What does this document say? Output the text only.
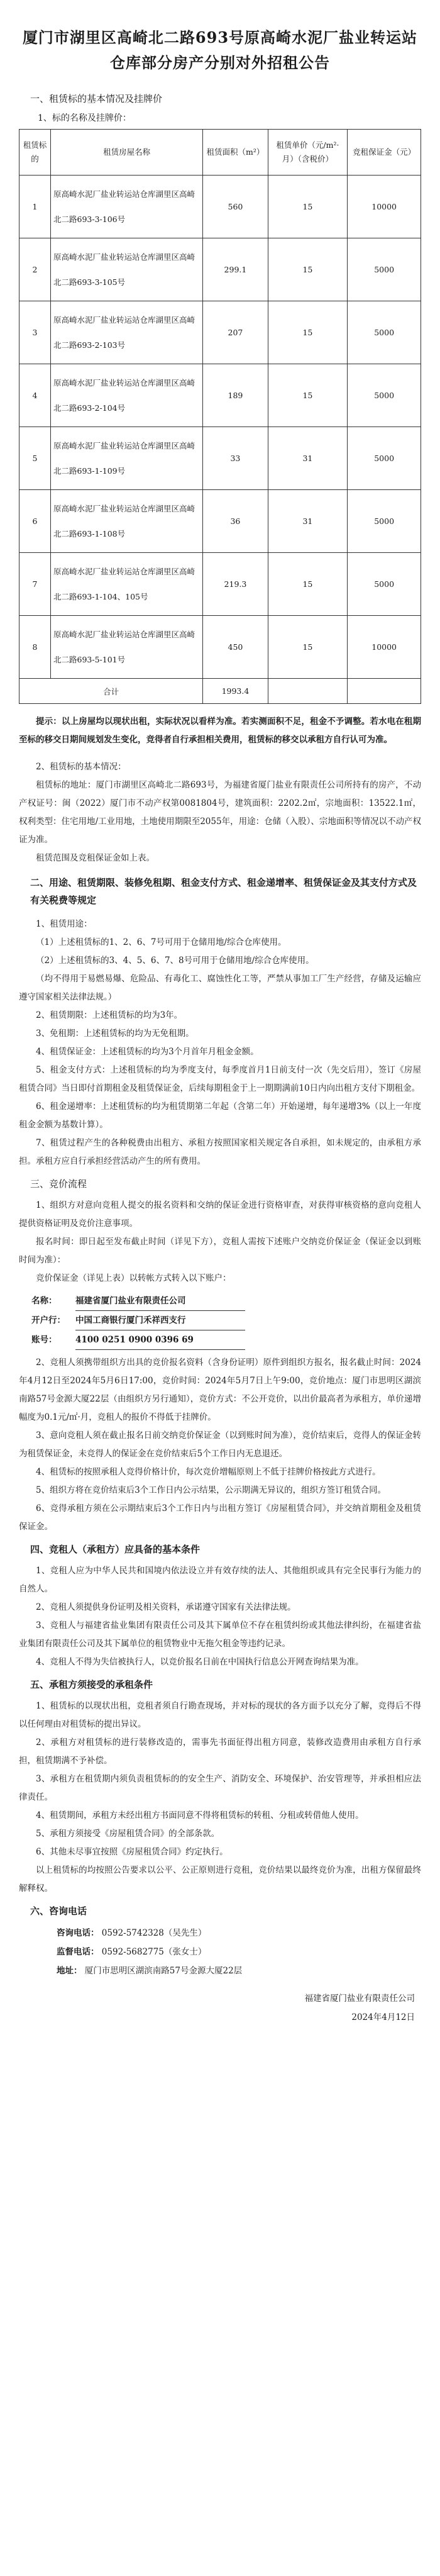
厦门市湖里区高崎北二路693号原高崎水泥厂盐业转运站仓库部分房产分别对外招租公告
一、租赁标的基本情况及挂牌价
1、标的名称及挂牌价：
租赁标的	租赁房屋名称	租赁面积（m²）	租赁单价（元/m²·月）（含税价）	竞租保证金（元）
1	原高崎水泥厂盐业转运站仓库湖里区高崎北二路693-3-106号	560	15	10000
2	原高崎水泥厂盐业转运站仓库湖里区高崎北二路693-3-105号	299.1	15	5000
3	原高崎水泥厂盐业转运站仓库湖里区高崎北二路693-2-103号	207	15	5000
4	原高崎水泥厂盐业转运站仓库湖里区高崎北二路693-2-104号	189	15	5000
5	原高崎水泥厂盐业转运站仓库湖里区高崎北二路693-1-109号	33	31	5000
6	原高崎水泥厂盐业转运站仓库湖里区高崎北二路693-1-108号	36	31	5000
7	原高崎水泥厂盐业转运站仓库湖里区高崎北二路693-1-104、105号	219.3	15	5000
8	原高崎水泥厂盐业转运站仓库湖里区高崎北二路693-5-101号	450	15	10000
合计		1993.4		

提示：以上房屋均以现状出租，实际状况以看样为准。若实测面积不足，租金不予调整。若水电在租期至标的移交日期间规划发生变化，竞得者自行承担相关费用，租赁标的移交以承租方自行认可为准。

2、租赁标的基本情况：

租赁标的地址：厦门市湖里区高崎北二路693号，为福建省厦门盐业有限责任公司所持有的房产，不动产权证号：闽（2022）厦门市不动产权第0081804号，建筑面积：2202.2㎡，宗地面积：13522.1㎡，权利类型：住宅用地/工业用地，土地使用期限至2055年，用途：仓储（入股）、宗地面积等情况以不动产权证为准。

租赁范围及竞租保证金如上表。

二、用途、租赁期限、装修免租期、租金支付方式、租金递增率、租赁保证金及其支付方式及有关税费等规定

1、租赁用途：

（1）上述租赁标的1、2、6、7号可用于仓储用地/综合仓库使用。

（2）上述租赁标的3、4、5、6、7、8号可用于仓储用地/综合仓库使用。

（均不得用于易燃易爆、危险品、有毒化工、腐蚀性化工等，严禁从事加工厂生产经营，存储及运输应遵守国家相关法律法规。）

2、租赁期限：上述租赁标的均为3年。

3、免租期：上述租赁标的均为无免租期。

4、租赁保证金：上述租赁标的均为3个月首年月租金金额。

5、租金支付方式：上述租赁标的均为季度支付，每季度首月1日前支付一次（先交后用），签订《房屋租赁合同》当日即付首期租金及租赁保证金，后续每期租金于上一期期满前10日内向出租方支付下期租金。

6、租金递增率：上述租赁标的均为租赁期第二年起（含第二年）开始递增，每年递增3%（以上一年度租金金额为基数计算）。

7、租赁过程产生的各种税费由出租方、承租方按照国家相关规定各自承担，如未规定的，由承租方承担。承租方应自行承担经营活动产生的所有费用。

三、竞价流程

1、组织方对意向竞租人提交的报名资料和交纳的保证金进行资格审查，对获得审核资格的意向竞租人提供资格证明及竞价注意事项。

报名时间：即日起至发布截止时间（详见下方），竞租人需按下述账户交纳竞价保证金（保证金以到账时间为准）：

竞价保证金（详见上表）以转帐方式转入以下账户：

名称：	福建省厦门盐业有限责任公司
开户行：	中国工商银行厦门禾祥西支行
账号：	4100 0251 0900 0396 69

2、竞租人须携带组织方出具的竞价报名资料（含身份证明）原件到组织方报名，报名截止时间：2024年4月12日至2024年5月6日17:00，竞价时间：2024年5月7日上午9:00，竞价地点：厦门市思明区湖滨南路57号金源大厦22层（由组织方另行通知），竞价方式：不公开竞价，以出价最高者为承租方，单价递增幅度为0.1元/㎡·月，竞租人的报价不得低于挂牌价。

3、意向竞租人须在截止报名日前交纳竞价保证金（以到账时间为准），竞价结束后，竞得人的保证金转为租赁保证金，未竞得人的保证金在竞价结束后5个工作日内无息退还。

4、租赁标的按照承租人竞得价格计价，每次竞价增幅原则上不低于挂牌价格按此方式进行。

5、组织方将在竞价结束后3个工作日内公示结果，公示期满无异议的，组织方签订租赁合同。

6、竞得承租方须在公示期结束后3个工作日内与出租方签订《房屋租赁合同》，并交纳首期租金及租赁保证金。

四、竞租人（承租方）应具备的基本条件

1、竞租人应为中华人民共和国境内依法设立并有效存续的法人、其他组织或具有完全民事行为能力的自然人。

2、竞租人须提供身份证明及相关资料，承诺遵守国家有关法律法规。

3、竞租人与福建省盐业集团有限责任公司及其下属单位不存在租赁纠纷或其他法律纠纷，在福建省盐业集团有限责任公司及其下属单位的租赁物业中无拖欠租金等违约记录。

4、竞租人不得为失信被执行人，以竞价报名日前在中国执行信息公开网查询结果为准。

五、承租方须接受的承租条件

1、租赁标的以现状出租，竞租者须自行勘查现场，并对标的现状的各方面予以充分了解，竞得后不得以任何理由对租赁标的提出异议。

2、承租方对租赁标的进行装修改造的，需事先书面征得出租方同意，装修改造费用由承租方自行承担，租赁期满不予补偿。

3、承租方在租赁期内须负责租赁标的的安全生产、消防安全、环境保护、治安管理等，并承担相应法律责任。

4、租赁期间，承租方未经出租方书面同意不得将租赁标的转租、分租或转借他人使用。

5、承租方须接受《房屋租赁合同》的全部条款。

6、其他未尽事宜按照《房屋租赁合同》约定执行。

以上租赁标的均按照公告要求以公平、公正原则进行竞租，竞价结果以最终竞价为准，出租方保留最终解释权。

六、咨询电话
咨询电话： 0592-5742328（吴先生）
监督电话： 0592-5682775（张女士）
地址： 厦门市思明区湖滨南路57号金源大厦22层
福建省厦门盐业有限责任公司
2024年4月12日
